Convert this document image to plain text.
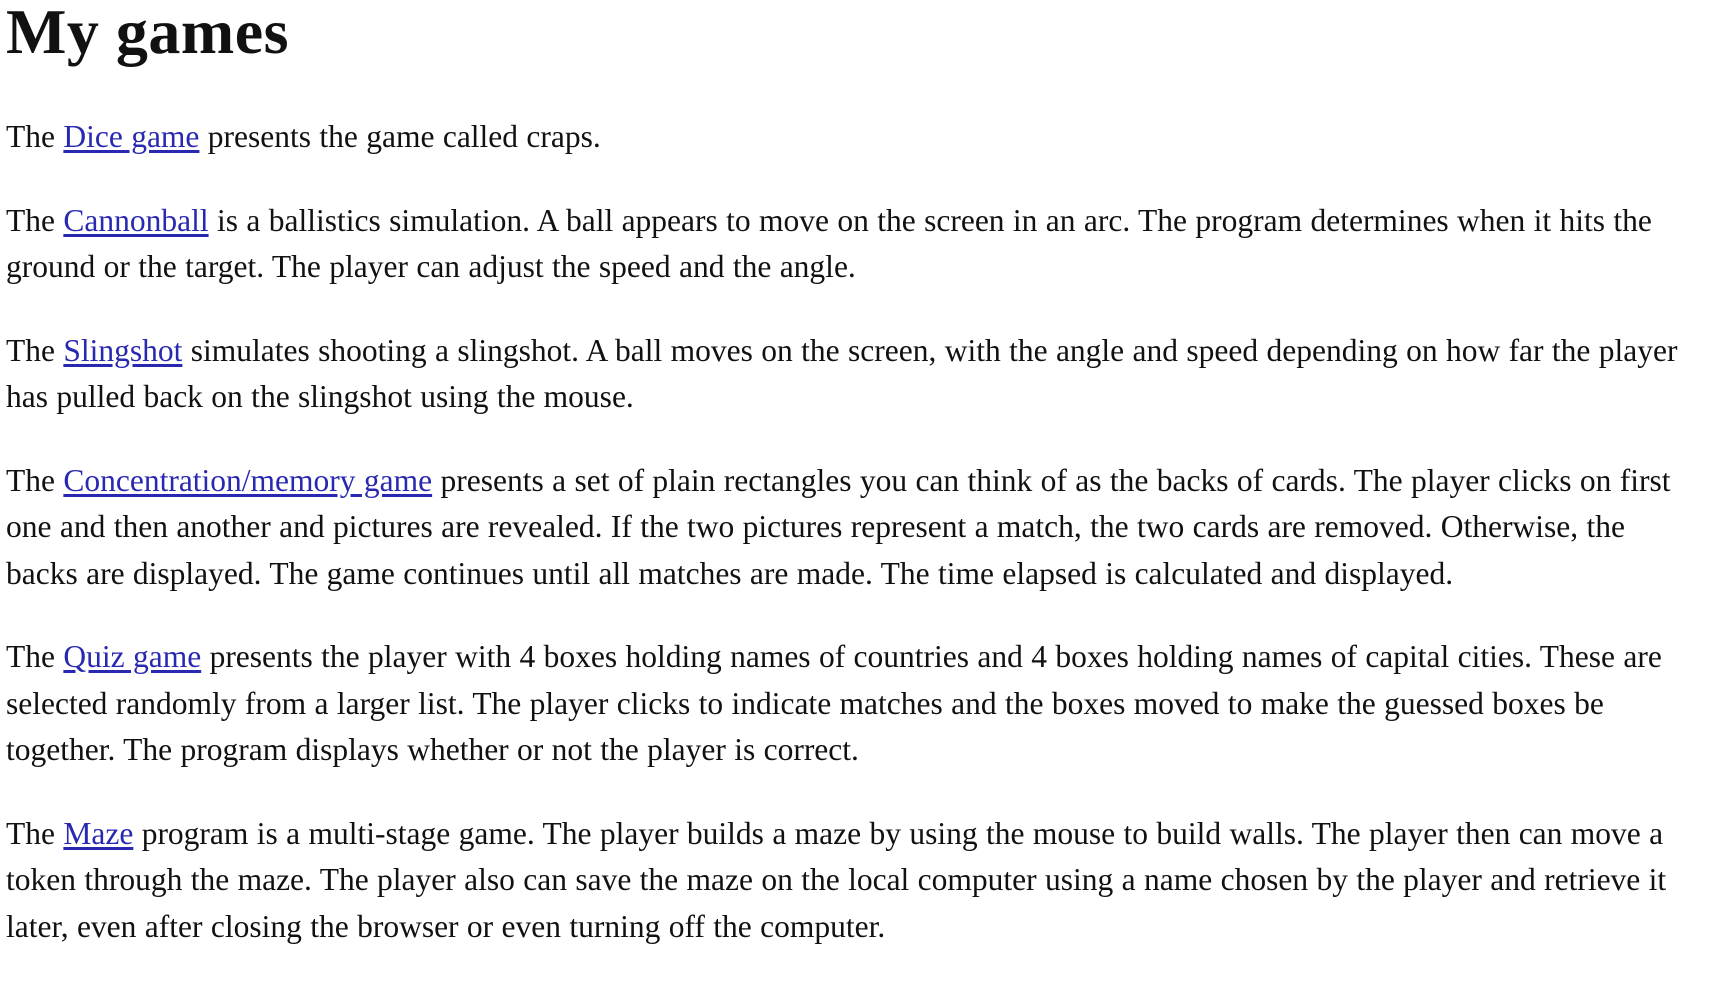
My games

The Dice game presents the game called craps.

The Cannonball is a ballistics simulation. A ball appears to move on the screen in an arc. The program determines when it hits the ground or the target. The player can adjust the speed and the angle.

The Slingshot simulates shooting a slingshot. A ball moves on the screen, with the angle and speed depending on how far the player has pulled back on the slingshot using the mouse.

The Concentration/memory game presents a set of plain rectangles you can think of as the backs of cards. The player clicks on first one and then another and pictures are revealed. If the two pictures represent a match, the two cards are removed. Otherwise, the backs are displayed. The game continues until all matches are made. The time elapsed is calculated and displayed.

The Quiz game presents the player with 4 boxes holding names of countries and 4 boxes holding names of capital cities. These are selected randomly from a larger list. The player clicks to indicate matches and the boxes moved to make the guessed boxes be together. The program displays whether or not the player is correct.

The Maze program is a multi-stage game. The player builds a maze by using the mouse to build walls. The player then can move a token through the maze. The player also can save the maze on the local computer using a name chosen by the player and retrieve it later, even after closing the browser or even turning off the computer.
